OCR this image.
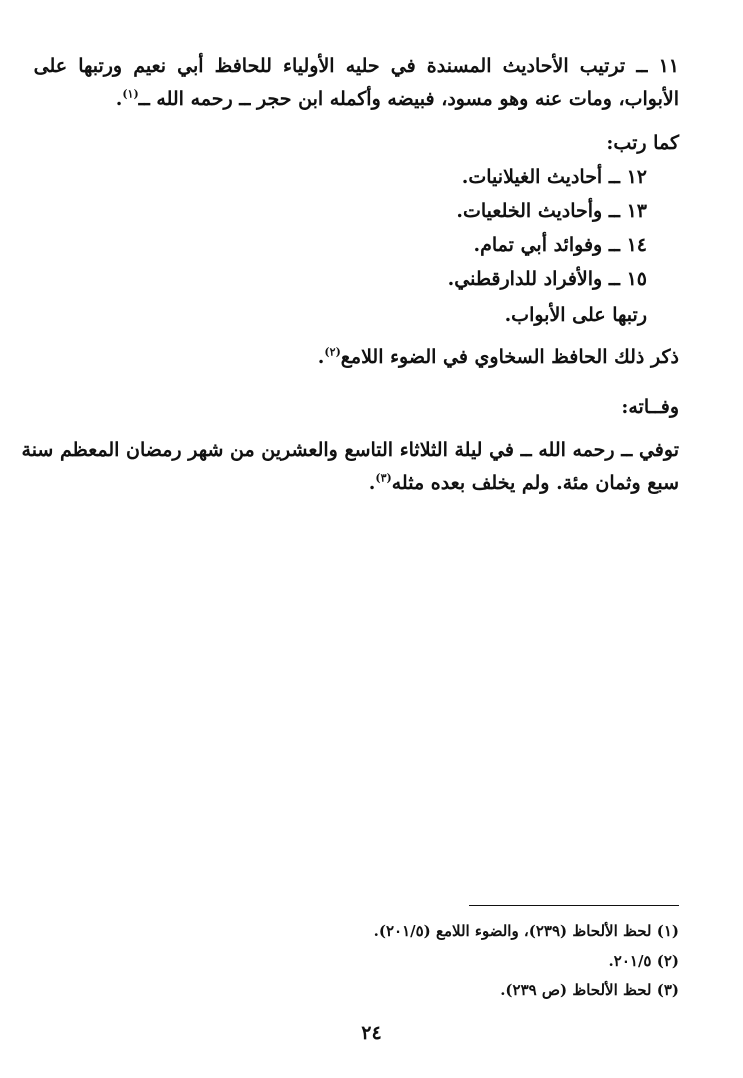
١١ ــ ترتيب الأحاديث المسندة في حليه الأولياء للحافظ أبي نعيم ورتبها على
الأبواب، ومات عنه وهو مسود، فبيضه وأكمله ابن حجر ــ رحمه الله ــ$^{(١)}$.
كما رتب:
١٢ ــ أحاديث الغيلانيات.
١٣ ــ وأحاديث الخلعيات.
١٤ ــ وفوائد أبي تمام.
١٥ ــ والأفراد للدارقطني.
رتبها على الأبواب.
ذكر ذلك الحافظ السخاوي في الضوء اللامع$^{(٢)}$.
وفــاته:
توفي ــ رحمه الله ــ في ليلة الثلاثاء التاسع والعشرين من شهر رمضان المعظم سنة
سبع وثمان مئة. ولم يخلف بعده مثله$^{(٣)}$.
(١) لحظ الألحاظ (٢٣٩)، والضوء اللامع (٢٠١/٥).
(٢) ٢٠١/٥.
(٣) لحظ الألحاظ (ص ٢٣٩).
٢٤
